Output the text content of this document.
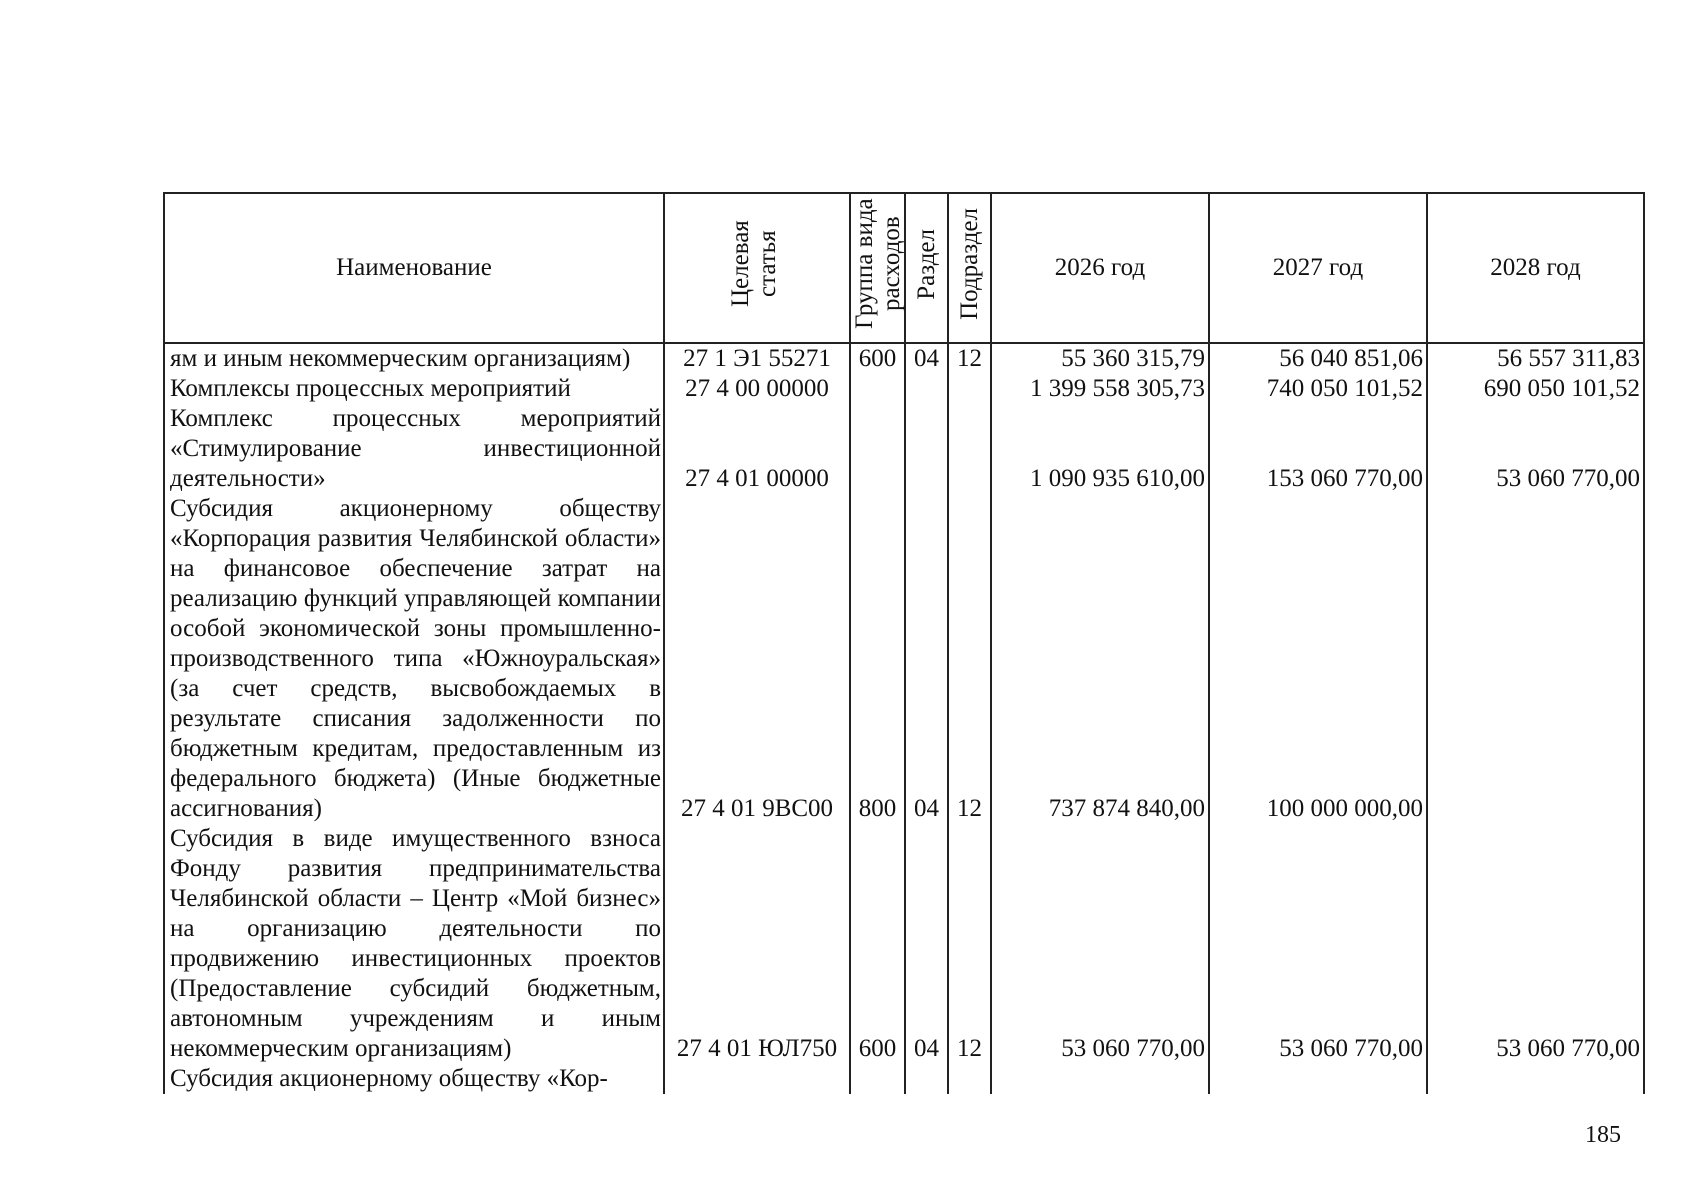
Наименование	Целевая статья	Группа вида расходов	Раздел	Подраздел	2026 год	2027 год	2028 год
ям и иным некоммерческим организациям)	27 1 Э1 55271	600	04	12	55 360 315,79	56 040 851,06	56 557 311,83
Комплексы процессных мероприятий	27 4 00 00000				1 399 558 305,73	740 050 101,52	690 050 101,52
Комплекс процессных мероприятий «Стимулирование инвестиционной деятельности»	27 4 01 00000				1 090 935 610,00	153 060 770,00	53 060 770,00
Субсидия акционерному обществу «Корпорация развития Челябинской области» на финансовое обеспечение затрат на реализацию функций управляющей компании особой экономической зоны промышленно-производственного типа «Южноуральская» (за счет средств, высвобождаемых в результате списания задолженности по бюджетным кредитам, предоставленным из федерального бюджета) (Иные бюджетные ассигнования)	27 4 01 9ВС00	800	04	12	737 874 840,00	100 000 000,00	
Субсидия в виде имущественного взноса Фонду развития предпринимательства Челябинской области – Центр «Мой бизнес» на организацию деятельности по продвижению инвестиционных проектов (Предоставление субсидий бюджетным, автономным учреждениям и иным некоммерческим организациям)	27 4 01 ЮЛ750	600	04	12	53 060 770,00	53 060 770,00	53 060 770,00
Субсидия акционерному обществу «Кор-							
185
